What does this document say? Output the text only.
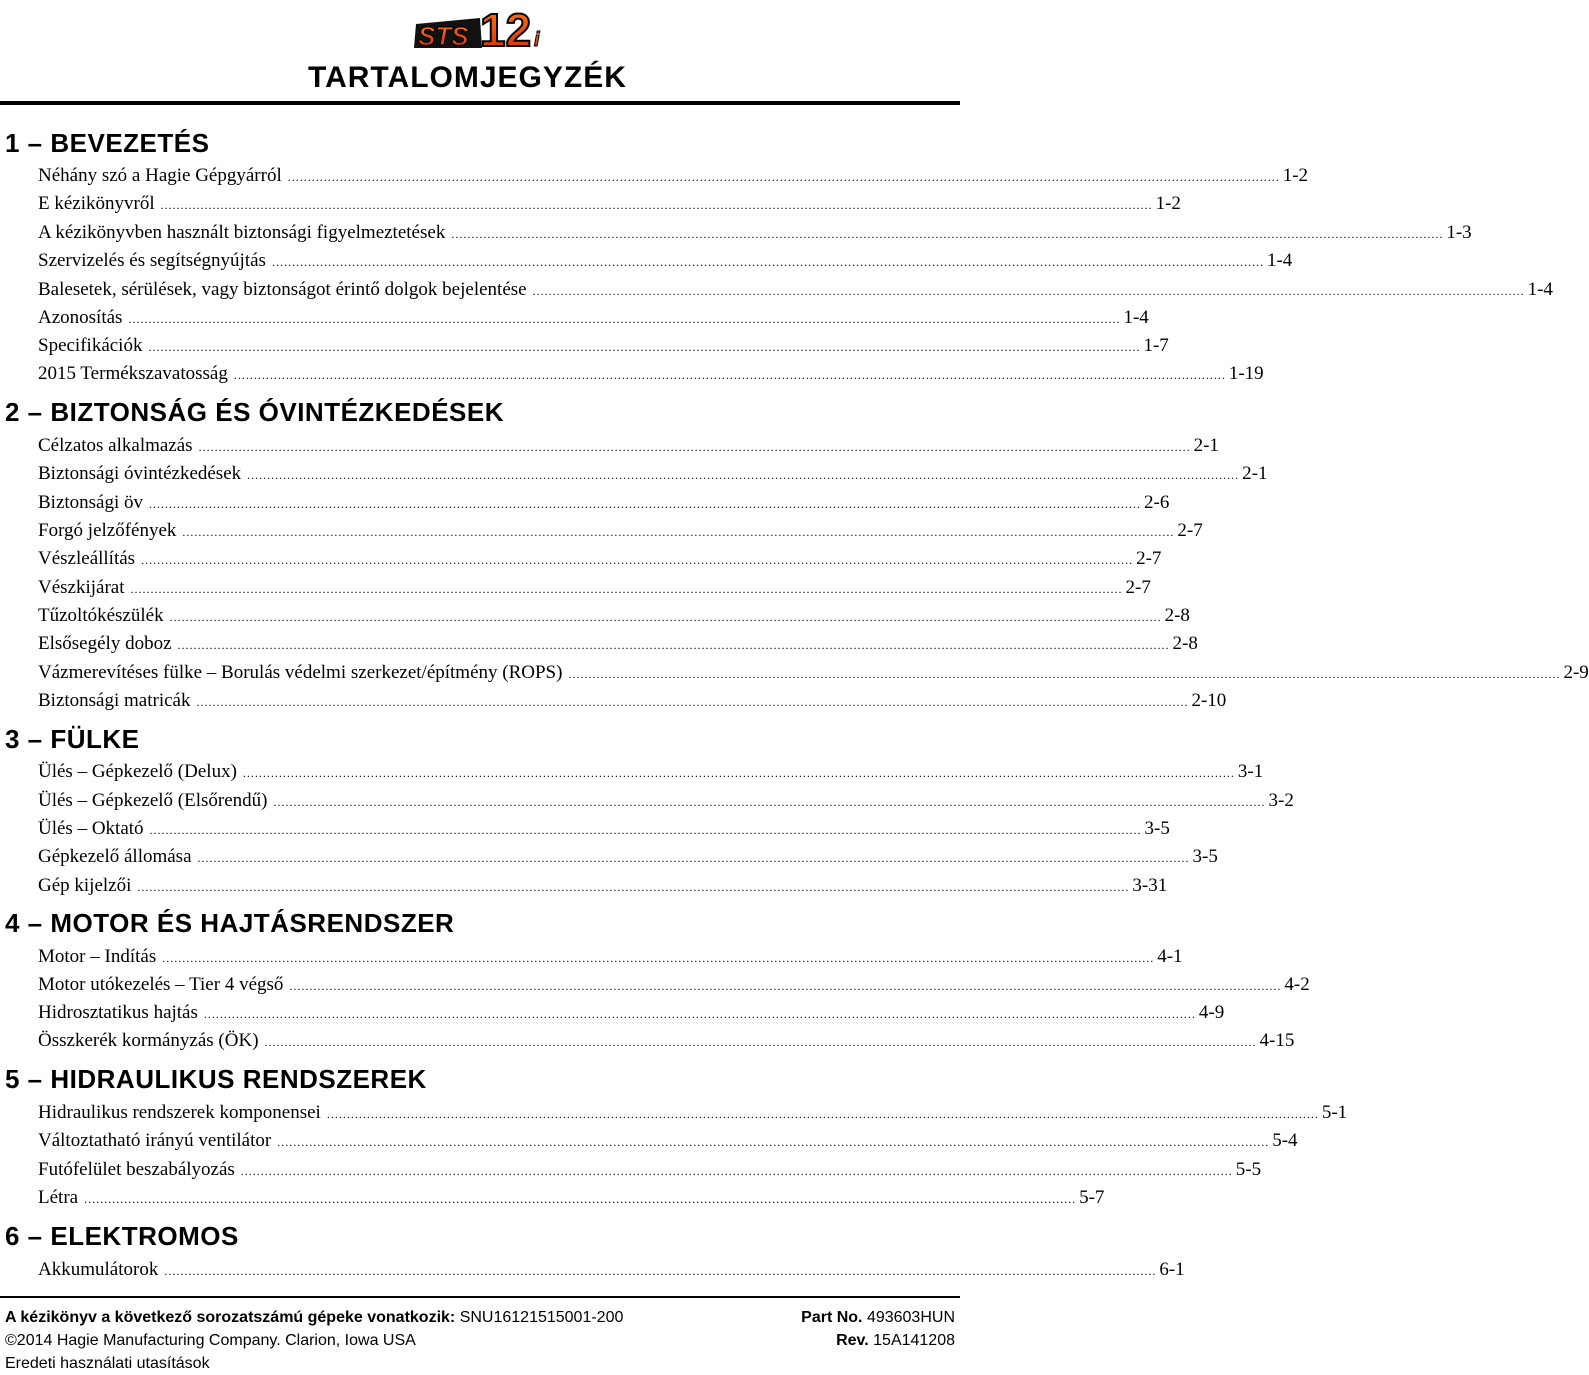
STS 12 i
TARTALOMJEGYZÉK
1 – BEVEZETÉS
Néhány szó a Hagie Gépgyárról ........................................................................................................................................................................................................................................................ 1-2
E kézikönyvről ........................................................................................................................................................................................................................................................ 1-2
A kézikönyvben használt biztonsági figyelmeztetések ........................................................................................................................................................................................................................................................ 1-3
Szervizelés és segítségnyújtás ........................................................................................................................................................................................................................................................ 1-4
Balesetek, sérülések, vagy biztonságot érintő dolgok bejelentése ........................................................................................................................................................................................................................................................ 1-4
Azonosítás ........................................................................................................................................................................................................................................................ 1-4
Specifikációk ........................................................................................................................................................................................................................................................ 1-7
2015 Termékszavatosság ........................................................................................................................................................................................................................................................ 1-19
2 – BIZTONSÁG ÉS ÓVINTÉZKEDÉSEK
Célzatos alkalmazás ........................................................................................................................................................................................................................................................ 2-1
Biztonsági óvintézkedések ........................................................................................................................................................................................................................................................ 2-1
Biztonsági öv ........................................................................................................................................................................................................................................................ 2-6
Forgó jelzőfények ........................................................................................................................................................................................................................................................ 2-7
Vészleállítás ........................................................................................................................................................................................................................................................ 2-7
Vészkijárat ........................................................................................................................................................................................................................................................ 2-7
Tűzoltókészülék ........................................................................................................................................................................................................................................................ 2-8
Elsősegély doboz ........................................................................................................................................................................................................................................................ 2-8
Vázmerevítéses fülke – Borulás védelmi szerkezet/építmény (ROPS) ........................................................................................................................................................................................................................................................ 2-9
Biztonsági matricák ........................................................................................................................................................................................................................................................ 2-10
3 – FÜLKE
Ülés – Gépkezelő (Delux) ........................................................................................................................................................................................................................................................ 3-1
Ülés – Gépkezelő (Elsőrendű) ........................................................................................................................................................................................................................................................ 3-2
Ülés – Oktató ........................................................................................................................................................................................................................................................ 3-5
Gépkezelő állomása ........................................................................................................................................................................................................................................................ 3-5
Gép kijelzői ........................................................................................................................................................................................................................................................ 3-31
4 – MOTOR ÉS HAJTÁSRENDSZER
Motor – Indítás ........................................................................................................................................................................................................................................................ 4-1
Motor utókezelés – Tier 4 végső ........................................................................................................................................................................................................................................................ 4-2
Hidrosztatikus hajtás ........................................................................................................................................................................................................................................................ 4-9
Összkerék kormányzás (ÖK) ........................................................................................................................................................................................................................................................ 4-15
5 – HIDRAULIKUS RENDSZEREK
Hidraulikus rendszerek komponensei ........................................................................................................................................................................................................................................................ 5-1
Változtatható irányú ventilátor ........................................................................................................................................................................................................................................................ 5-4
Futófelület beszabályozás ........................................................................................................................................................................................................................................................ 5-5
Létra ........................................................................................................................................................................................................................................................ 5-7
6 – ELEKTROMOS
Akkumulátorok ........................................................................................................................................................................................................................................................ 6-1
A kézikönyv a következő sorozatszámú gépeke vonatkozik: SNU16121515001-200	Part No. 493603HUN
©2014 Hagie Manufacturing Company. Clarion, Iowa USA	Rev. 15A141208
Eredeti használati utasítások
